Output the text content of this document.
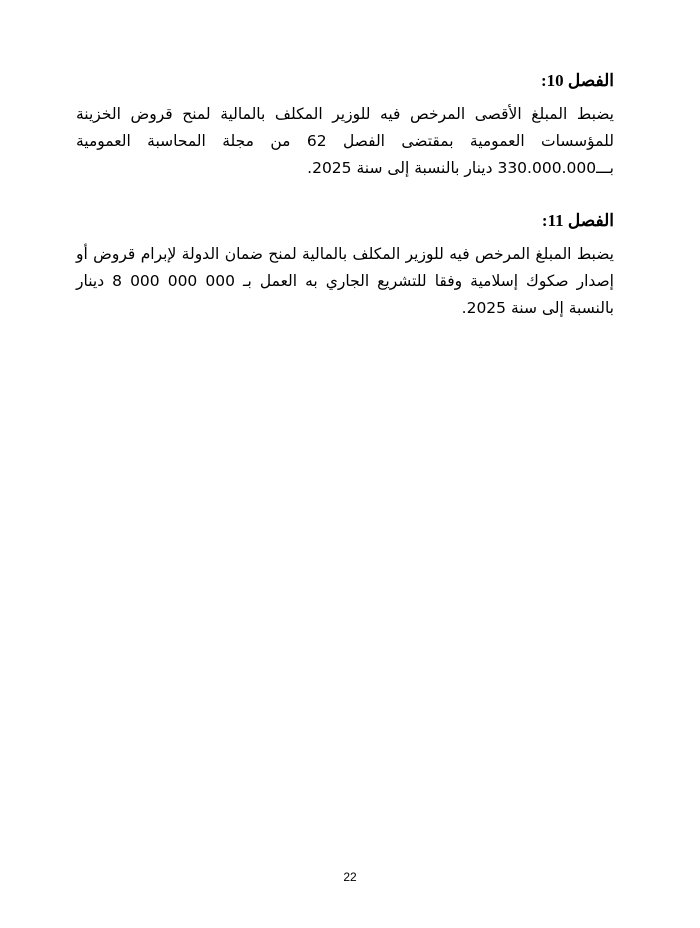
الفصل 10:

يضبط المبلغ الأقصى المرخص فيه للوزير المكلف بالمالية لمنح قروض الخزينة للمؤسسات العمومية بمقتضى الفصل 62 من مجلة المحاسبة العمومية بـــ330.000.000 دينار بالنسبة إلى سنة 2025.

الفصل 11:

يضبط المبلغ المرخص فيه للوزير المكلف بالمالية لمنح ضمان الدولة لإبرام قروض أو إصدار صكوك إسلامية وفقا للتشريع الجاري به العمل بـ 000 000 000 8 دينار بالنسبة إلى سنة 2025.

22
